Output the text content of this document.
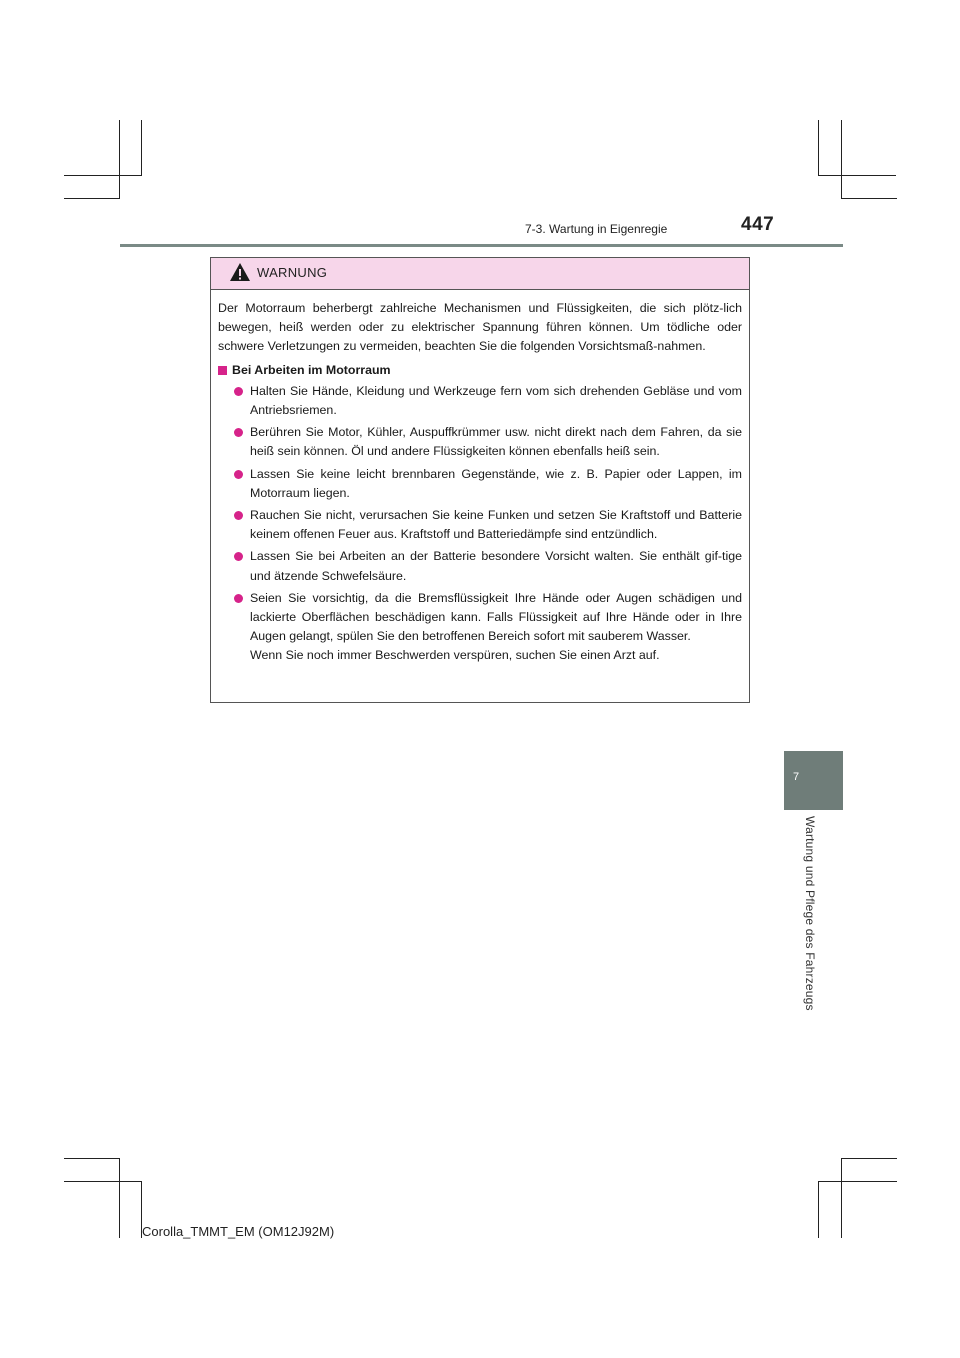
7-3. Wartung in Eigenregie	447
7
Wartung und Pflege des Fahrzeugs
WARNUNG

Der Motorraum beherbergt zahlreiche Mechanismen und Flüssigkeiten, die sich plötz-lich bewegen, heiß werden oder zu elektrischer Spannung führen können. Um tödliche oder schwere Verletzungen zu vermeiden, beachten Sie die folgenden Vorsichtsmaß-nahmen.

Bei Arbeiten im Motorraum
Halten Sie Hände, Kleidung und Werkzeuge fern vom sich drehenden Gebläse und vom Antriebsriemen.
Berühren Sie Motor, Kühler, Auspuffkrümmer usw. nicht direkt nach dem Fahren, da sie heiß sein können. Öl und andere Flüssigkeiten können ebenfalls heiß sein.
Lassen Sie keine leicht brennbaren Gegenstände, wie z. B. Papier oder Lappen, im Motorraum liegen.
Rauchen Sie nicht, verursachen Sie keine Funken und setzen Sie Kraftstoff und Batterie keinem offenen Feuer aus. Kraftstoff und Batteriedämpfe sind entzündlich.
Lassen Sie bei Arbeiten an der Batterie besondere Vorsicht walten. Sie enthält gif-tige und ätzende Schwefelsäure.
Seien Sie vorsichtig, da die Bremsflüssigkeit Ihre Hände oder Augen schädigen und lackierte Oberflächen beschädigen kann. Falls Flüssigkeit auf Ihre Hände oder in Ihre Augen gelangt, spülen Sie den betroffenen Bereich sofort mit sauberem Wasser.
Wenn Sie noch immer Beschwerden verspüren, suchen Sie einen Arzt auf.
Corolla_TMMT_EM (OM12J92M)
